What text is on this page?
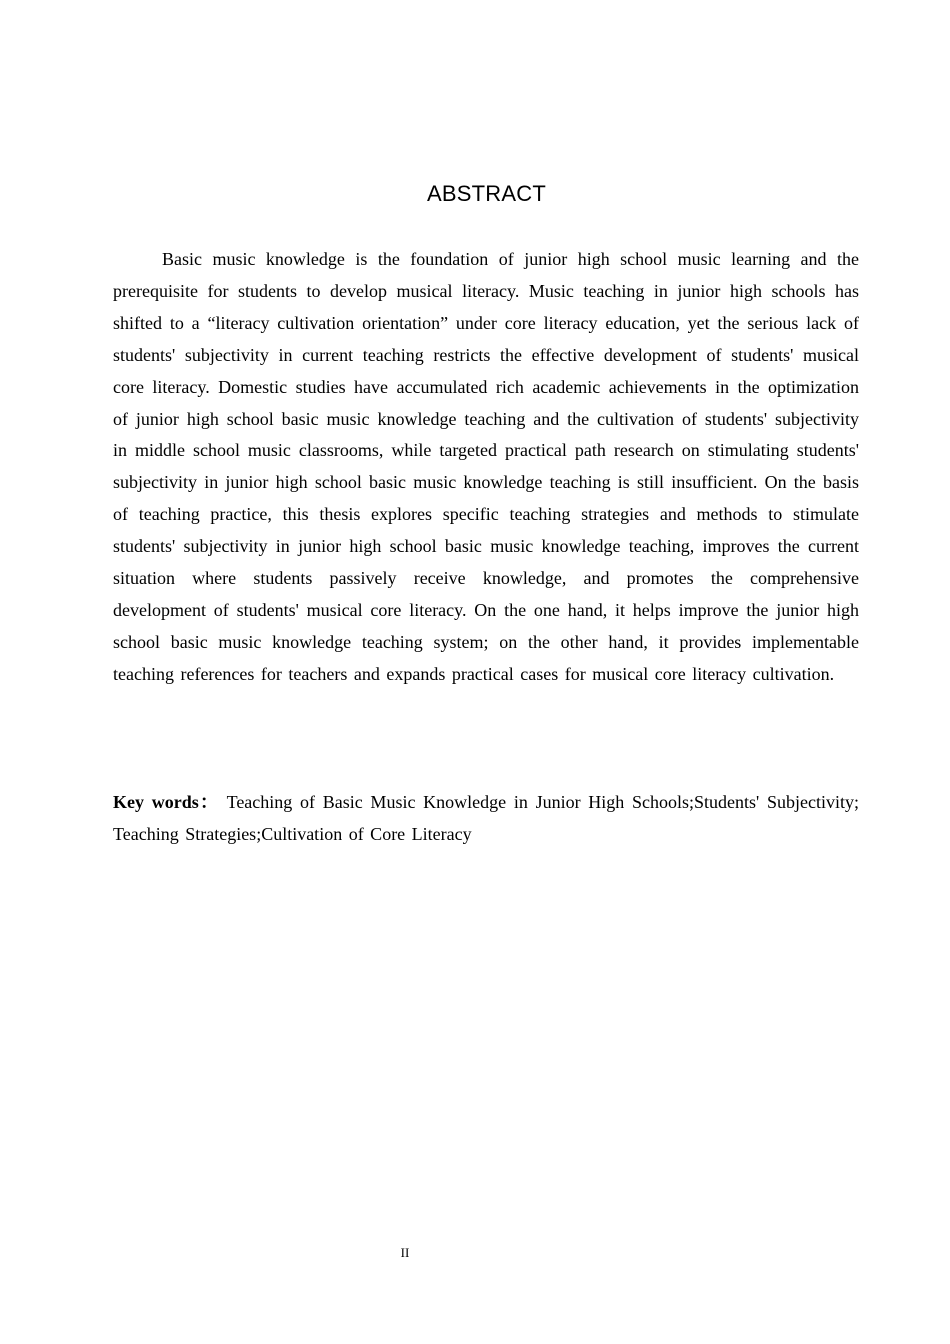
ABSTRACT

Basic music knowledge is the foundation of junior high school music learning and the prerequisite for students to develop musical literacy. Music teaching in junior high schools has shifted to a “literacy cultivation orientation” under core literacy education, yet the serious lack of students' subjectivity in current teaching restricts the effective development of students' musical core literacy. Domestic studies have accumulated rich academic achievements in the optimization of junior high school basic music knowledge teaching and the cultivation of students' subjectivity in middle school music classrooms, while targeted practical path research on stimulating students' subjectivity in junior high school basic music knowledge teaching is still insufficient. On the basis of teaching practice, this thesis explores specific teaching strategies and methods to stimulate students' subjectivity in junior high school basic music knowledge teaching, improves the current situation where students passively receive knowledge, and promotes the comprehensive development of students' musical core literacy. On the one hand, it helps improve the junior high school basic music knowledge teaching system; on the other hand, it provides implementable teaching references for teachers and expands practical cases for musical core literacy cultivation.

Key words： Teaching of Basic Music Knowledge in Junior High Schools;Students' Subjectivity; Teaching Strategies;Cultivation of Core Literacy

II
